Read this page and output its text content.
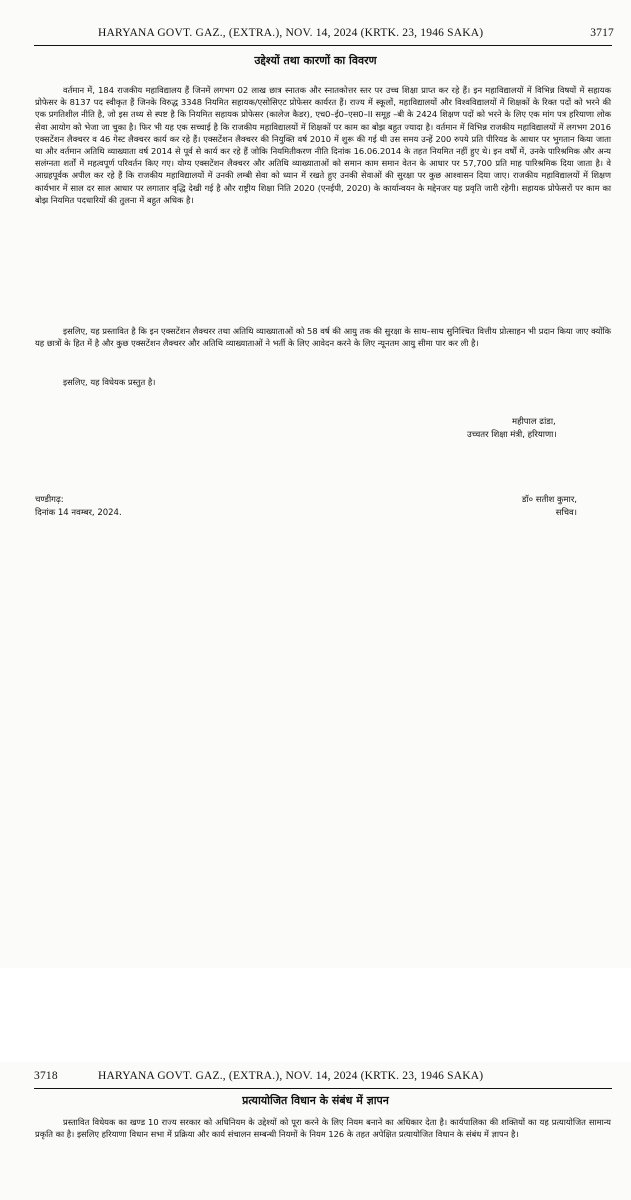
HARYANA GOVT. GAZ., (EXTRA.), NOV. 14, 2024 (KRTK. 23, 1946 SAKA)	3717
उद्देश्यों तथा कारणों का विवरण

वर्तमान में, 184 राजकीय महाविद्यालय हैं जिनमें लगभग 02 लाख छात्र स्नातक और स्नातकोत्तर स्तर पर उच्च शिक्षा प्राप्त कर रहे हैं। इन महाविद्यालयों में विभिन्न विषयों में सहायक प्रोफेसर के 8137 पद स्वीकृत हैं जिनके विरुद्ध 3348 नियमित सहायक/एसोसिएट प्रोफेसर कार्यरत हैं। राज्य में स्कूलों, महाविद्यालयों और विश्वविद्यालयों में शिक्षकों के रिक्त पदों को भरने की एक प्रगतिशील नीति है, जो इस तथ्य से स्पष्ट है कि नियमित सहायक प्रोफेसर (कालेज कैडर), एच0–ई0–एस0–II समूह –बी के 2424 शिक्षण पदों को भरने के लिए एक मांग पत्र हरियाणा लोक सेवा आयोग को भेजा जा चुका है। फिर भी यह एक सच्चाई है कि राजकीय महाविद्यालयों में शिक्षकों पर काम का बोझ बहुत ज्यादा है। वर्तमान में विभिन्न राजकीय महाविद्यालयों में लगभग 2016 एक्सटेंशन लैक्चरर व 46 गेस्ट लैक्चरर कार्य कर रहे हैं। एक्सटेंशन लैक्चरर की नियुक्ति वर्ष 2010 में शुरू की गई थी उस समय उन्हें 200 रुपये प्रति पीरियड के आधार पर भुगतान किया जाता था और वर्तमान अतिथि व्याख्याता वर्ष 2014 से पूर्व से कार्य कर रहे हैं जोकि नियमितीकरण नीति दिनांक 16.06.2014 के तहत नियमित नहीं हुए थे। इन वर्षों में, उनके पारिश्रमिक और अन्य सलंग्नता शर्तों में महत्वपूर्ण परिवर्तन किए गए। योग्य एक्सटेंशन लैक्चरर और अतिथि व्याख्याताओं को समान काम समान वेतन के आधार पर 57,700 प्रति माह पारिश्रमिक दिया जाता है। वे आग्रहपूर्वक अपील कर रहे हैं कि राजकीय महाविद्यालयों में उनकी लम्बी सेवा को ध्यान में रखते हुए उनकी सेवाओं की सुरक्षा पर कुछ आश्वासन दिया जाए। राजकीय महाविद्यालयों में शिक्षण कार्यभार में साल दर साल आधार पर लगातार वृद्धि देखी गई है और राष्ट्रीय शिक्षा निति 2020 (एनईपी, 2020) के कार्यान्वयन के मद्देनजर यह प्रवृति जारी रहेगी। सहायक प्रोफेसरों पर काम का बोझ नियमित पदधारियों की तुलना में बहुत अधिक है।

इसलिए, यह प्रस्तावित है कि इन एक्सटेंशन लैक्चरर तथा अतिथि व्याख्याताओं को 58 वर्ष की आयु तक की सुरक्षा के साथ–साथ सुनिश्चित वित्तीय प्रोत्साहन भी प्रदान किया जाए क्योंकि यह छात्रों के हित में है और कुछ एक्सटेंशन लैक्चरर और अतिथि व्याख्याताओं ने भर्ती के लिए आवेदन करने के लिए न्यूनतम आयु सीमा पार कर ली है।

इसलिए, यह विधेयक प्रस्तुत है।

महीपाल ढांडा,
उच्चतर शिक्षा मंत्री, हरियाणा।
चण्डीगढ़:
दिनांक 14 नवम्बर, 2024.
डॉ० सतीश कुमार,
सचिव।
3718	HARYANA GOVT. GAZ., (EXTRA.), NOV. 14, 2024 (KRTK. 23, 1946 SAKA)
प्रत्यायोजित विधान के संबंध में ज्ञापन

प्रस्तावित विधेयक का खण्ड 10 राज्य सरकार को अधिनियम के उद्देश्यों को पूरा करने के लिए नियम बनाने का अधिकार देता है। कार्यपालिका की शक्तियों का यह प्रत्यायोजित सामान्य प्रकृति का है। इसलिए हरियाणा विधान सभा में प्रक्रिया और कार्य संचालन सम्बन्धी नियमों के नियम 126 के तहत अपेक्षित प्रत्यायोजित विधान के संबंध में ज्ञापन है।
